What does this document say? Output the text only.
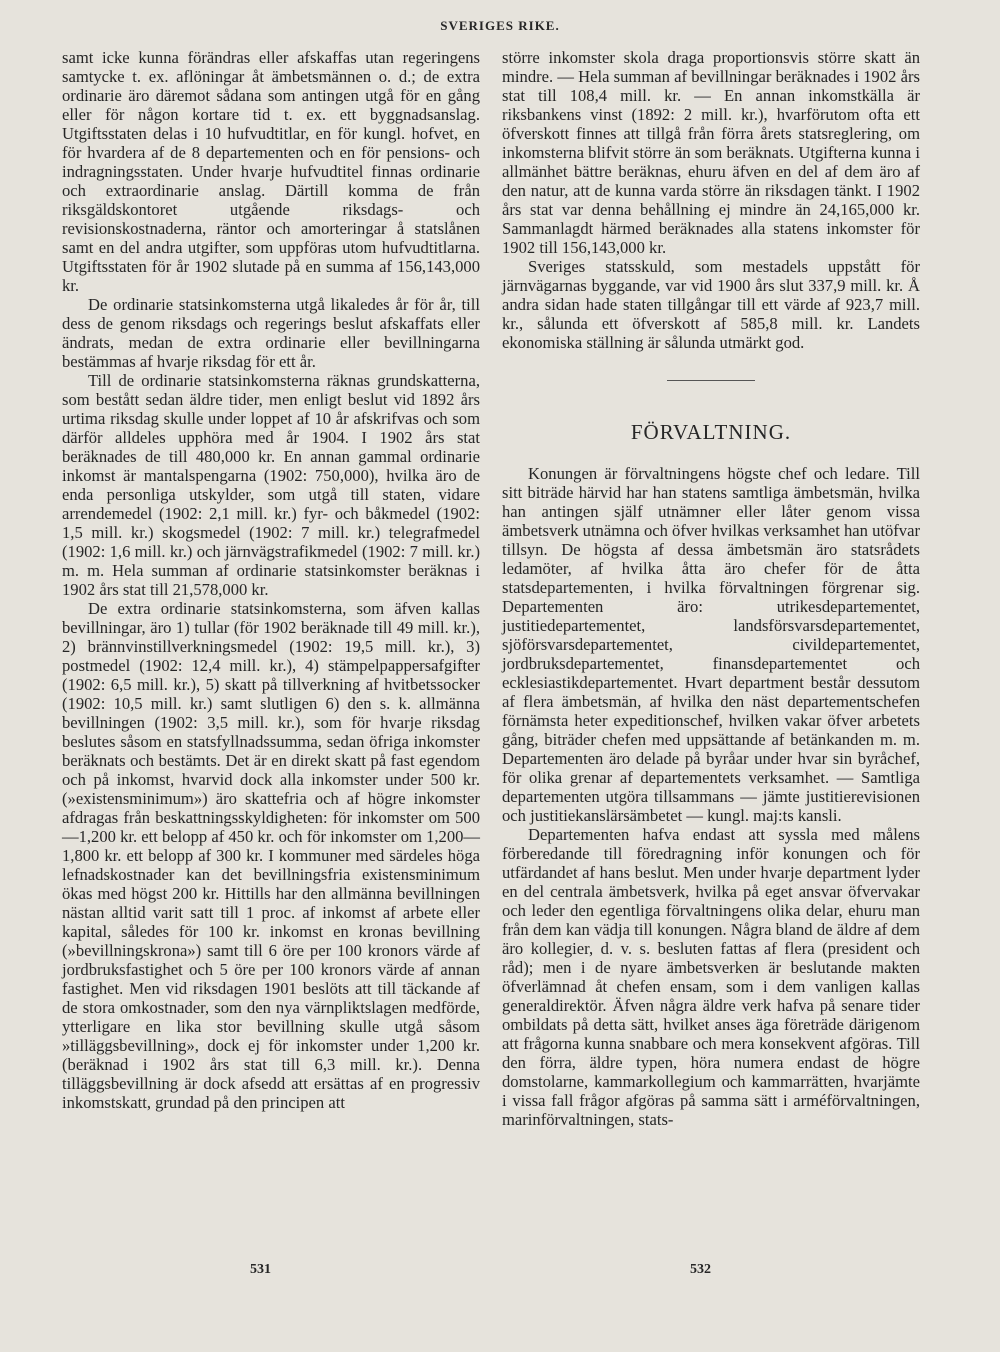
SVERIGES RIKE.

samt icke kunna förändras eller afskaffas utan regeringens samtycke t. ex. aflöningar åt ämbetsmännen o. d.; de extra ordinarie äro däremot sådana som antingen utgå för en gång eller för någon kortare tid t. ex. ett byggnadsanslag. Utgiftsstaten delas i 10 hufvudtitlar, en för kungl. hofvet, en för hvardera af de 8 departementen och en för pensions- och indragningsstaten. Under hvarje hufvudtitel finnas ordinarie och extraordinarie anslag. Därtill komma de från riksgäldskontoret utgående riksdags- och revisionskostnaderna, räntor och amorteringar å statslånen samt en del andra utgifter, som uppföras utom hufvudtitlarna. Utgiftsstaten för år 1902 slutade på en summa af 156,143,000 kr.

De ordinarie statsinkomsterna utgå likaledes år för år, till dess de genom riksdags och regerings beslut afskaffats eller ändrats, medan de extra ordinarie eller bevillningarna bestämmas af hvarje riksdag för ett år.

Till de ordinarie statsinkomsterna räknas grundskatterna, som bestått sedan äldre tider, men enligt beslut vid 1892 års urtima riksdag skulle under loppet af 10 år afskrifvas och som därför alldeles upphöra med år 1904. I 1902 års stat beräknades de till 480,000 kr. En annan gammal ordinarie inkomst är mantalspengarna (1902: 750,000), hvilka äro de enda personliga utskylder, som utgå till staten, vidare arrendemedel (1902: 2,1 mill. kr.) fyr- och båkmedel (1902: 1,5 mill. kr.) skogsmedel (1902: 7 mill. kr.) telegrafmedel (1902: 1,6 mill. kr.) och järnvägstrafikmedel (1902: 7 mill. kr.) m. m. Hela summan af ordinarie statsinkomster beräknas i 1902 års stat till 21,578,000 kr.

De extra ordinarie statsinkomsterna, som äfven kallas bevillningar, äro 1) tullar (för 1902 beräknade till 49 mill. kr.), 2) brännvinstillverkningsmedel (1902: 19,5 mill. kr.), 3) postmedel (1902: 12,4 mill. kr.), 4) stämpelpappersafgifter (1902: 6,5 mill. kr.), 5) skatt på tillverkning af hvitbetssocker (1902: 10,5 mill. kr.) samt slutligen 6) den s. k. allmänna bevillningen (1902: 3,5 mill. kr.), som för hvarje riksdag beslutes såsom en statsfyllnadssumma, sedan öfriga inkomster beräknats och bestämts. Det är en direkt skatt på fast egendom och på inkomst, hvarvid dock alla inkomster under 500 kr. (»existensminimum») äro skattefria och af högre inkomster afdragas från beskattningsskyldigheten: för inkomster om 500—1,200 kr. ett belopp af 450 kr. och för inkomster om 1,200—1,800 kr. ett belopp af 300 kr. I kommuner med särdeles höga lefnadskostnader kan det bevillningsfria existensminimum ökas med högst 200 kr. Hittills har den allmänna bevillningen nästan alltid varit satt till 1 proc. af inkomst af arbete eller kapital, således för 100 kr. inkomst en kronas bevillning (»bevillningskrona») samt till 6 öre per 100 kronors värde af jordbruksfastighet och 5 öre per 100 kronors värde af annan fastighet. Men vid riksdagen 1901 beslöts att till täckande af de stora omkostnader, som den nya värnpliktslagen medförde, ytterligare en lika stor bevillning skulle utgå såsom »tilläggsbevillning», dock ej för inkomster under 1,200 kr. (beräknad i 1902 års stat till 6,3 mill. kr.). Denna tilläggsbevillning är dock afsedd att ersättas af en progressiv inkomstskatt, grundad på den principen att

större inkomster skola draga proportionsvis större skatt än mindre. — Hela summan af bevillningar beräknades i 1902 års stat till 108,4 mill. kr. — En annan inkomstkälla är riksbankens vinst (1892: 2 mill. kr.), hvarförutom ofta ett öfverskott finnes att tillgå från förra årets statsreglering, om inkomsterna blifvit större än som beräknats. Utgifterna kunna i allmänhet bättre beräknas, ehuru äfven en del af dem äro af den natur, att de kunna varda större än riksdagen tänkt. I 1902 års stat var denna behållning ej mindre än 24,165,000 kr. Sammanlagdt härmed beräknades alla statens inkomster för 1902 till 156,143,000 kr.

Sveriges statsskuld, som mestadels uppstått för järnvägarnas byggande, var vid 1900 års slut 337,9 mill. kr. Å andra sidan hade staten tillgångar till ett värde af 923,7 mill. kr., sålunda ett öfverskott af 585,8 mill. kr. Landets ekonomiska ställning är sålunda utmärkt god.

FÖRVALTNING.

Konungen är förvaltningens högste chef och ledare. Till sitt biträde härvid har han statens samtliga ämbetsmän, hvilka han antingen själf utnämner eller låter genom vissa ämbetsverk utnämna och öfver hvilkas verksamhet han utöfvar tillsyn. De högsta af dessa ämbetsmän äro statsrådets ledamöter, af hvilka åtta äro chefer för de åtta statsdepartementen, i hvilka förvaltningen förgrenar sig. Departementen äro: utrikesdepartementet, justitiedepartementet, landsförsvarsdepartementet, sjöförsvarsdepartementet, civildepartementet, jordbruksdepartementet, finansdepartementet och ecklesiastikdepartementet. Hvart department består dessutom af flera ämbetsmän, af hvilka den näst departementschefen förnämsta heter expeditionschef, hvilken vakar öfver arbetets gång, biträder chefen med uppsättande af betänkanden m. m. Departementen äro delade på byråar under hvar sin byråchef, för olika grenar af departementets verksamhet. — Samtliga departementen utgöra tillsammans — jämte justitierevisionen och justitiekanslärsämbetet — kungl. maj:ts kansli.

Departementen hafva endast att syssla med målens förberedande till föredragning inför konungen och för utfärdandet af hans beslut. Men under hvarje department lyder en del centrala ämbetsverk, hvilka på eget ansvar öfvervakar och leder den egentliga förvaltningens olika delar, ehuru man från dem kan vädja till konungen. Några bland de äldre af dem äro kollegier, d. v. s. besluten fattas af flera (president och råd); men i de nyare ämbetsverken är beslutande makten öfverlämnad åt chefen ensam, som i dem vanligen kallas generaldirektör. Äfven några äldre verk hafva på senare tider ombildats på detta sätt, hvilket anses äga företräde därigenom att frågorna kunna snabbare och mera konsekvent afgöras. Till den förra, äldre typen, höra numera endast de högre domstolarne, kammarkollegium och kammarrätten, hvarjämte i vissa fall frågor afgöras på samma sätt i arméförvaltningen, marinförvaltningen, stats-

531	532
